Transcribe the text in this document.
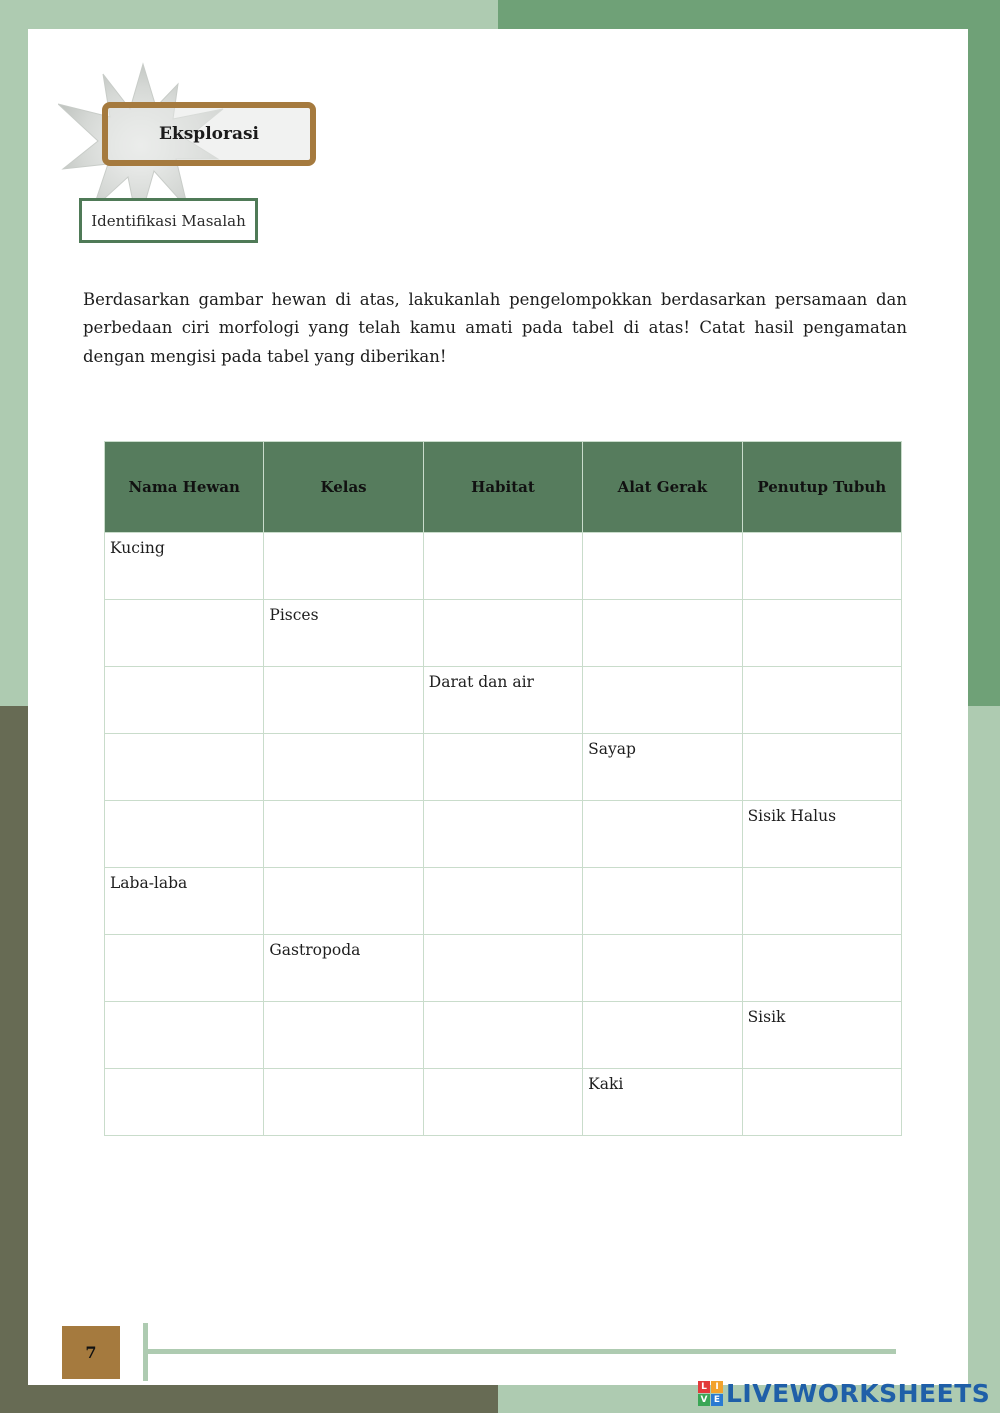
Eksplorasi
Identifikasi Masalah

Berdasarkan gambar hewan di atas, lakukanlah pengelompokkan berdasarkan persamaan dan perbedaan ciri morfologi yang telah kamu amati pada tabel di atas! Catat hasil pengamatan dengan mengisi pada tabel yang diberikan!

Nama Hewan	Kelas	Habitat	Alat Gerak	Penutup Tubuh
Kucing				
	Pisces			
		Darat dan air		
			Sayap	
				Sisik Halus
Laba-laba				
	Gastropoda			
				Sisik
			Kaki	
7
L I
V E LIVEWORKSHEETS
